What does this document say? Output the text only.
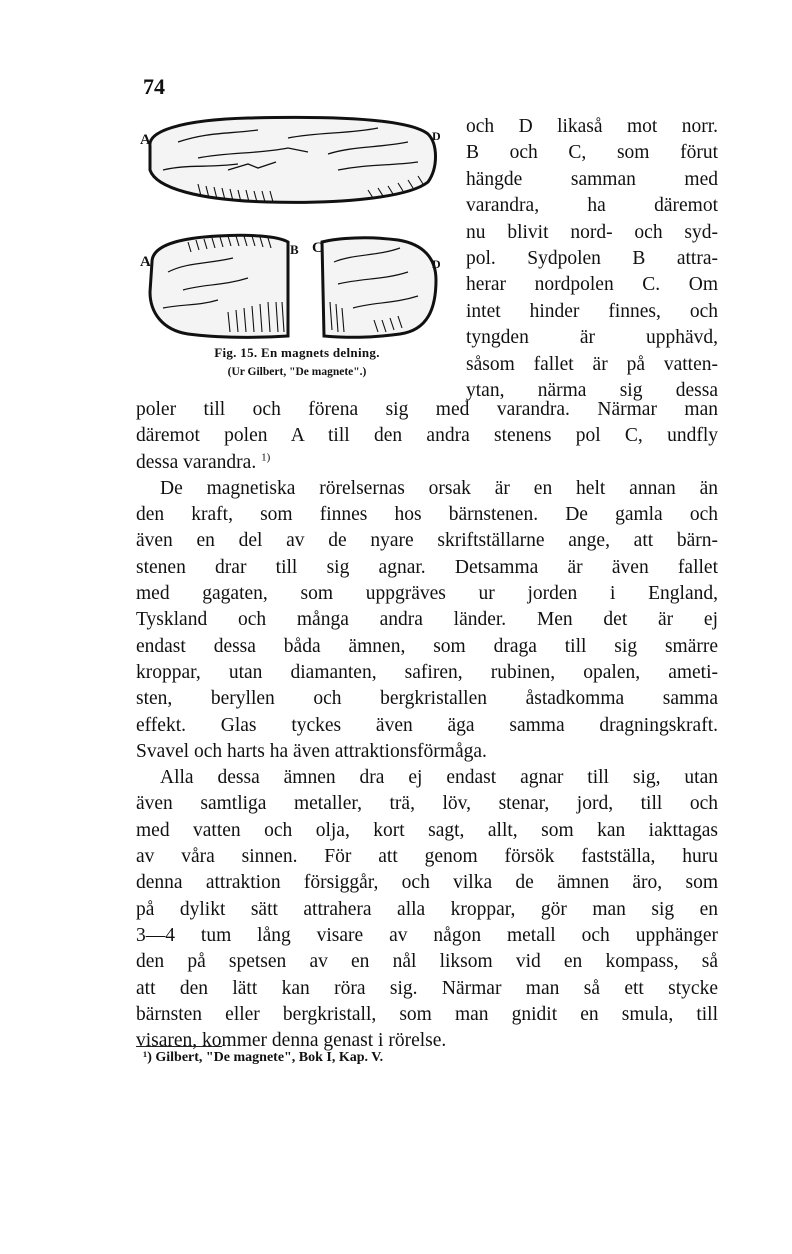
74
A	D
A
B C
D
Fig. 15. En magnets delning.
(Ur Gilbert, "De magnete".)
och D likaså mot norr.
B och C, som förut
hängde samman med
varandra, ha däremot
nu blivit nord- och syd-
pol. Sydpolen B attra-
herar nordpolen C. Om
intet hinder finnes, och
tyngden är upphävd,
såsom fallet är på vatten-
ytan, närma sig dessa
poler till och förena sig med varandra. Närmar man
däremot polen A till den andra stenens pol C, undfly
dessa varandra. $^{1)}$
De magnetiska rörelsernas orsak är en helt annan än
den kraft, som finnes hos bärnstenen. De gamla och
även en del av de nyare skriftställarne ange, att bärn-
stenen drar till sig agnar. Detsamma är även fallet
med gagaten, som uppgräves ur jorden i England,
Tyskland och många andra länder. Men det är ej
endast dessa båda ämnen, som draga till sig smärre
kroppar, utan diamanten, safiren, rubinen, opalen, ameti-
sten, beryllen och bergkristallen åstadkomma samma
effekt. Glas tyckes även äga samma dragningskraft.
Svavel och harts ha även attraktionsförmåga.
Alla dessa ämnen dra ej endast agnar till sig, utan
även samtliga metaller, trä, löv, stenar, jord, till och
med vatten och olja, kort sagt, allt, som kan iakttagas
av våra sinnen. För att genom försök fastställa, huru
denna attraktion försiggår, och vilka de ämnen äro, som
på dylikt sätt attrahera alla kroppar, gör man sig en
3—4 tum lång visare av någon metall och upphänger
den på spetsen av en nål liksom vid en kompass, så
att den lätt kan röra sig. Närmar man så ett stycke
bärnsten eller bergkristall, som man gnidit en smula, till
visaren, kommer denna genast i rörelse.
¹) Gilbert, "De magnete", Bok I, Kap. V.
